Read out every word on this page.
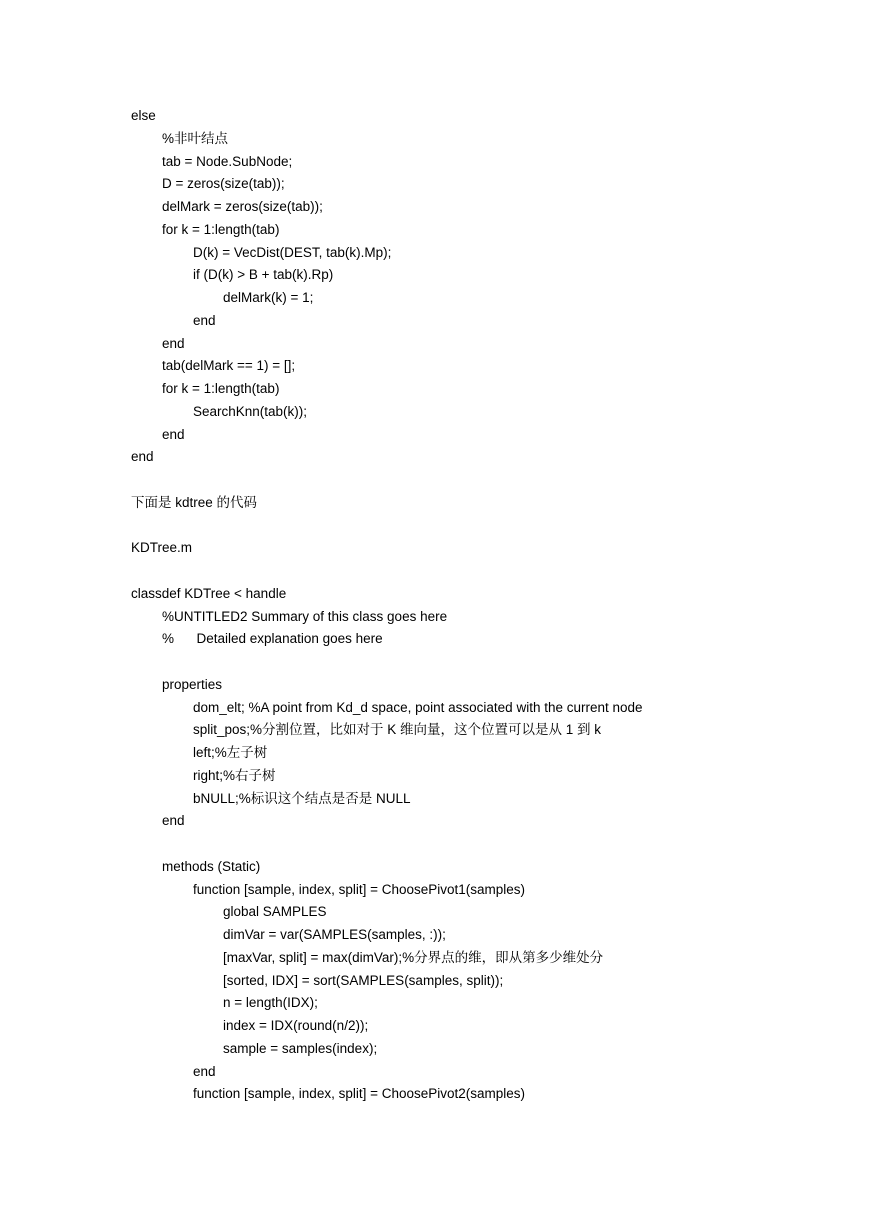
else
%非叶结点
tab = Node.SubNode;
D = zeros(size(tab));
delMark = zeros(size(tab));
for k = 1:length(tab)
D(k) = VecDist(DEST, tab(k).Mp);
if (D(k) > B + tab(k).Rp)
delMark(k) = 1;
end
end
tab(delMark == 1) = [];
for k = 1:length(tab)
SearchKnn(tab(k));
end
end
下面是 kdtree 的代码
KDTree.m
classdef KDTree < handle
%UNTITLED2 Summary of this class goes here
%      Detailed explanation goes here
properties
dom_elt; %A point from Kd_d space, point associated with the current node
split_pos;%分割位置，比如对于 K 维向量，这个位置可以是从 1 到 k
left;%左子树
right;%右子树
bNULL;%标识这个结点是否是 NULL
end
methods (Static)
function [sample, index, split] = ChoosePivot1(samples)
global SAMPLES
dimVar = var(SAMPLES(samples, :));
[maxVar, split] = max(dimVar);%分界点的维，即从第多少维处分
[sorted, IDX] = sort(SAMPLES(samples, split));
n = length(IDX);
index = IDX(round(n/2));
sample = samples(index);
end
function [sample, index, split] = ChoosePivot2(samples)
